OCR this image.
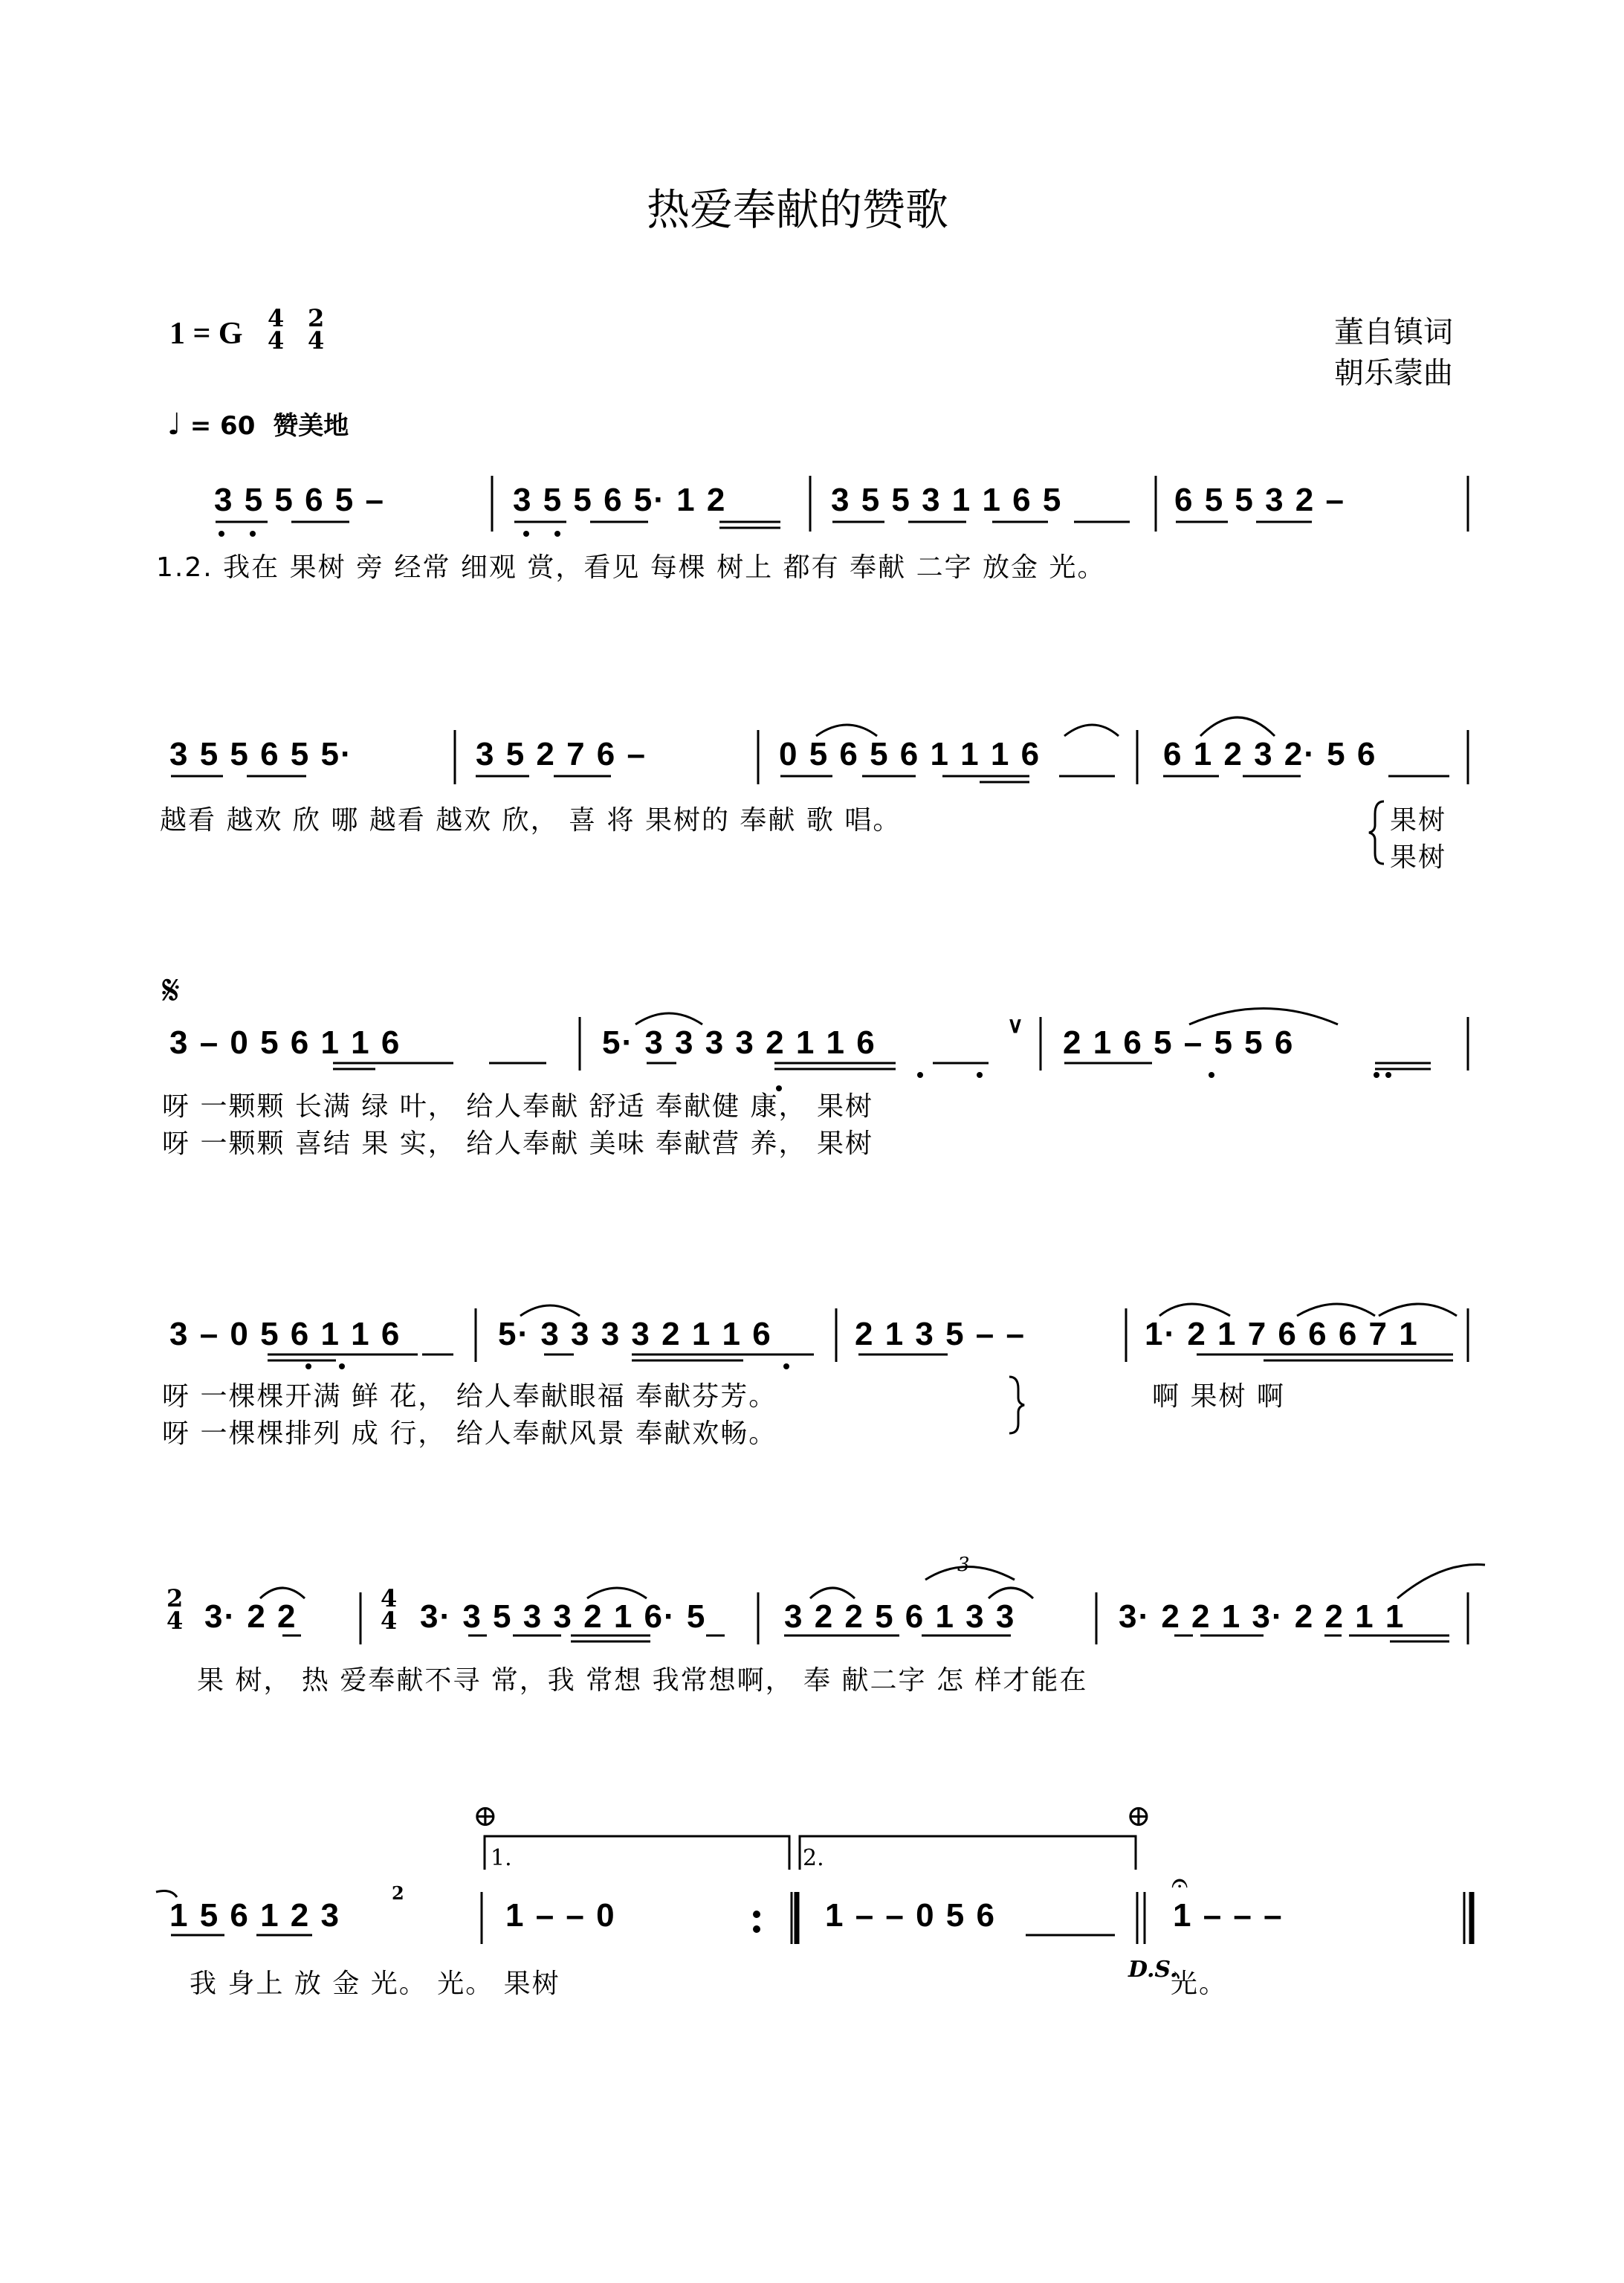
热爱奉献的赞歌
1 = G 4
4
2
4	董自镇词
朝乐蒙曲
♩ = 60 赞美地
3 5 5 6 5 –	3 5 5 6 5· 1 2	3 5 5 3 1 1 6 5	6 5 5 3 2 –
1.2. 我在 果树 旁 经常 细观 赏，看见 每棵 树上 都有 奉献 二字 放金 光。
3 5 5 6 5 5·	3 5 2 7 6 –	0 5 6 5 6 1 1 1 6	6 1 2 3 2· 5 6
越看 越欢 欣 哪 越看 越欢 欣， 喜 将 果树的 奉献 歌 唱。	果树
果树
𝄋
3 – 0 5 6 1 1 6	5· 3 3 3 3 2 1 1 6	2 1 6 5 – 5 5 6
∨
呀 一颗颗 长满 绿 叶， 给人奉献 舒适 奉献健 康， 果树
呀 一颗颗 喜结 果 实， 给人奉献 美味 奉献营 养， 果树
3 – 0 5 6 1 1 6	5· 3 3 3 3 2 1 1 6	2 1 3 5 – –	1· 2 1 7 6 6 6 7 1
呀 一棵棵开满 鲜 花， 给人奉献眼福 奉献芬芳。
呀 一棵棵排列 成 行， 给人奉献风景 奉献欢畅。
啊 果树 啊
3· 2 2	3· 3 5 3 3 2 1 6· 5 3 2 2 5 6 1 3 3	3· 2 2 1 3· 2 2 1 1
2
4
4
4
3
果 树， 热 爱奉献不寻 常，我 常想 我常想啊， 奉 献二字 怎 样才能在
⊕	⊕
1.	2.
1 5 6 1 2 3
2
1 – – 0	1 – – 0 5 6	1 – – –
𝄐
我 身上 放 金 光。 光。 果树	D.S.
光。
